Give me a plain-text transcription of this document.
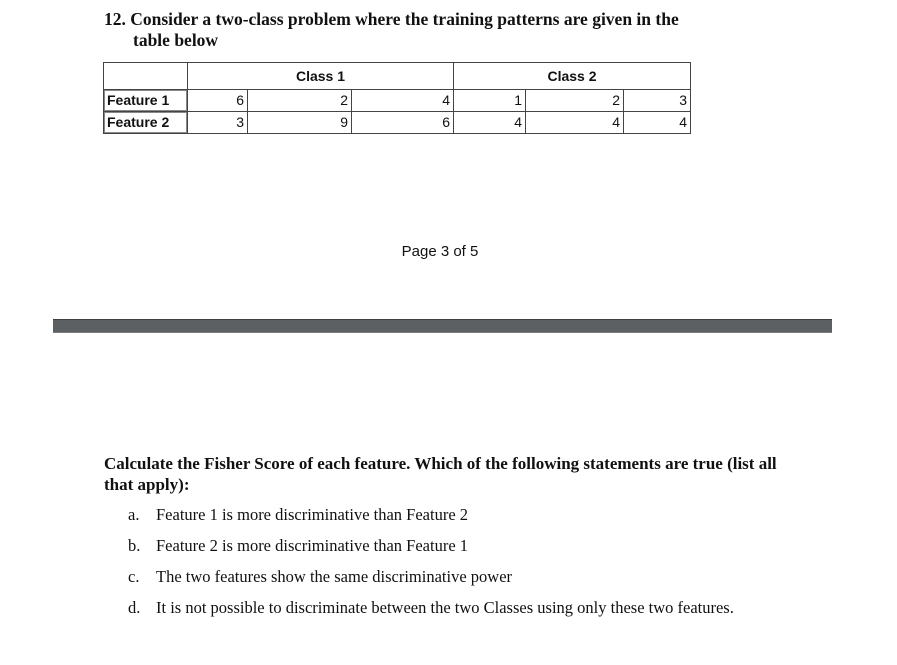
12. Consider a two-class problem where the training patterns are given in the
table below
	Class 1			Class 2		
Feature 1	6	2	4	1	2	3
Feature 2	3	9	6	4	4	4
Page 3 of 5
Calculate the Fisher Score of each feature. Which of the following statements are true (list all that apply):
a.	Feature 1 is more discriminative than Feature 2
b. Feature 2 is more discriminative than Feature 1
c.	The two features show the same discriminative power
d. It is not possible to discriminate between the two Classes using only these two features.
